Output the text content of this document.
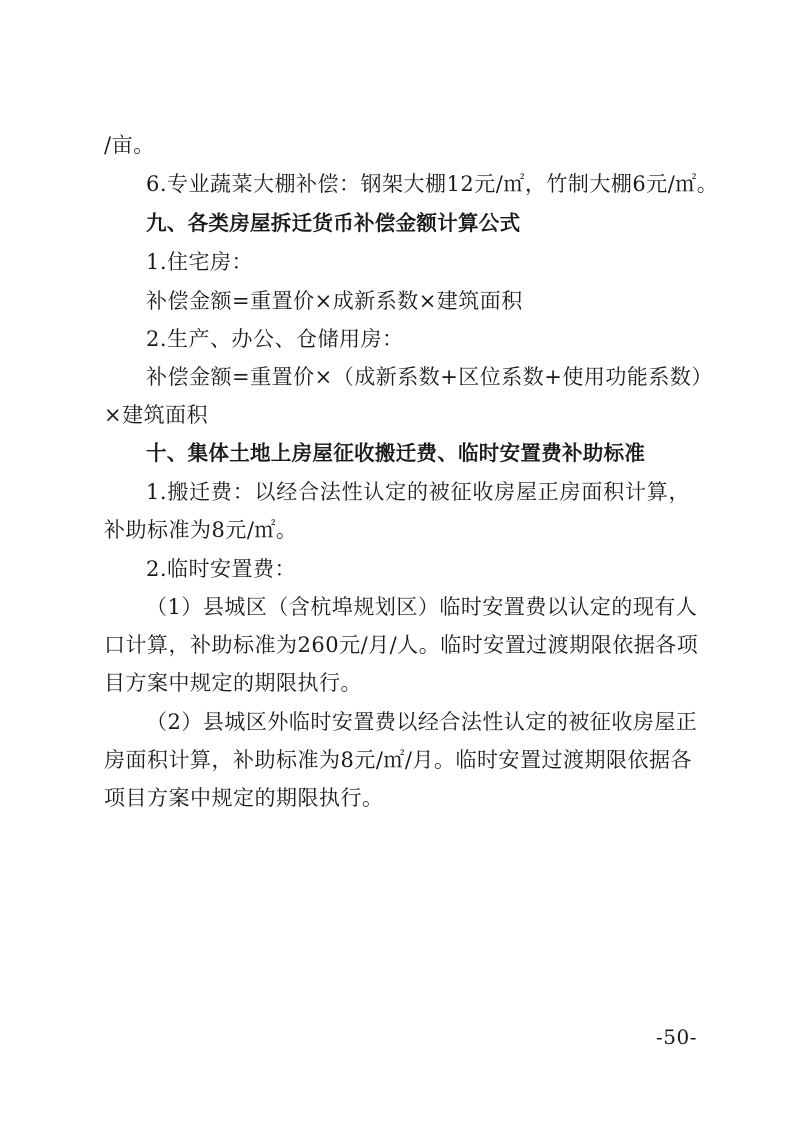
/亩。
6.专业蔬菜大棚补偿：钢架大棚12元/㎡，竹制大棚6元/㎡。
九、各类房屋拆迁货币补偿金额计算公式
1.住宅房：
补偿金额=重置价×成新系数×建筑面积
2.生产、办公、仓储用房：
补偿金额=重置价×（成新系数+区位系数+使用功能系数）
×建筑面积
十、集体土地上房屋征收搬迁费、临时安置费补助标准
1.搬迁费：以经合法性认定的被征收房屋正房面积计算，
补助标准为8元/㎡。
2.临时安置费：
（1）县城区（含杭埠规划区）临时安置费以认定的现有人
口计算，补助标准为260元/月/人。临时安置过渡期限依据各项
目方案中规定的期限执行。
（2）县城区外临时安置费以经合法性认定的被征收房屋正
房面积计算，补助标准为8元/㎡/月。临时安置过渡期限依据各
项目方案中规定的期限执行。
-50-
